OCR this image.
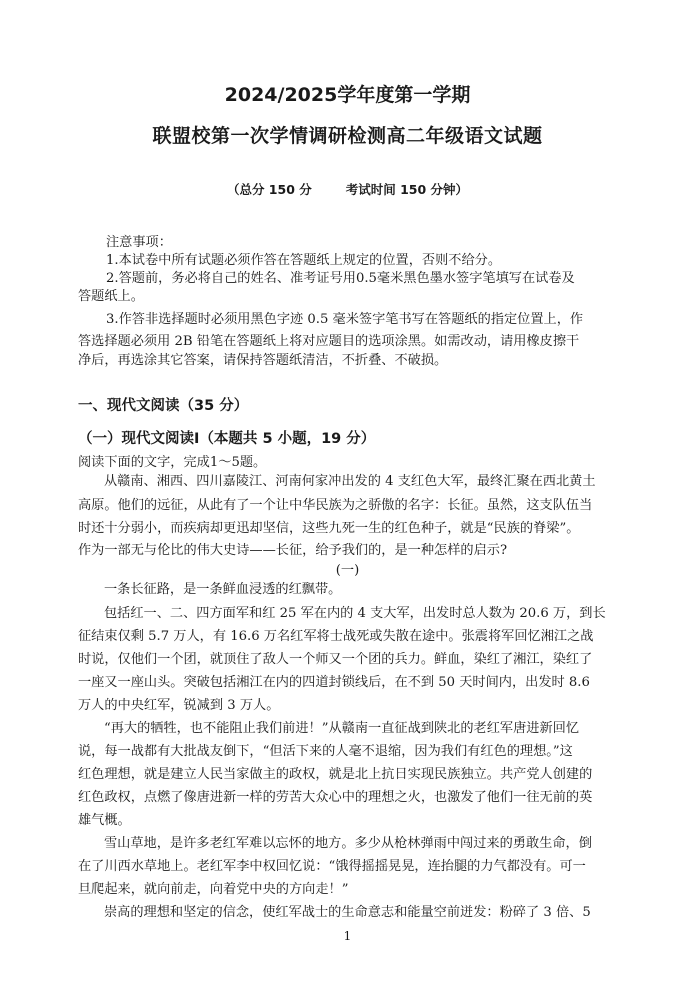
2024/2025学年度第一学期
联盟校第一次学情调研检测高二年级语文试题
（总分 150 分	考试时间 150 分钟）
注意事项：
1.本试卷中所有试题必须作答在答题纸上规定的位置，否则不给分。
2.答题前，务必将自己的姓名、准考证号用0.5毫米黑色墨水签字笔填写在试卷及
答题纸上。
3.作答非选择题时必须用黑色字迹 0.5 毫米签字笔书写在答题纸的指定位置上，作
答选择题必须用 2B 铅笔在答题纸上将对应题目的选项涂黑。如需改动，请用橡皮擦干
净后，再选涂其它答案，请保持答题纸清洁，不折叠、不破损。
一、现代文阅读（35 分）
（一）现代文阅读Ⅰ（本题共 5 小题，19 分）
阅读下面的文字，完成1～5题。
从赣南、湘西、四川嘉陵江、河南何家冲出发的 4 支红色大军，最终汇聚在西北黄土
高原。他们的远征，从此有了一个让中华民族为之骄傲的名字：长征。虽然，这支队伍当
时还十分弱小，而疾病却更迅却坚信，这些九死一生的红色种子，就是“民族的脊梁”。
作为一部无与伦比的伟大史诗——长征，给予我们的，是一种怎样的启示?
(一)
一条长征路，是一条鲜血浸透的红飘带。
包括红一、二、四方面军和红 25 军在内的 4 支大军，出发时总人数为 20.6 万，到长
征结束仅剩 5.7 万人，有 16.6 万名红军将士战死或失散在途中。张震将军回忆湘江之战
时说，仅他们一个团，就顶住了敌人一个师又一个团的兵力。鲜血，染红了湘江，染红了
一座又一座山头。突破包括湘江在内的四道封锁线后，在不到 50 天时间内，出发时 8.6
万人的中央红军，锐减到 3 万人。
“再大的牺牲，也不能阻止我们前进！”从赣南一直征战到陕北的老红军唐进新回忆
说，每一战都有大批战友倒下，“但活下来的人毫不退缩，因为我们有红色的理想。”这
红色理想，就是建立人民当家做主的政权，就是北上抗日实现民族独立。共产党人创建的
红色政权，点燃了像唐进新一样的劳苦大众心中的理想之火，也激发了他们一往无前的英
雄气概。
雪山草地，是许多老红军难以忘怀的地方。多少从枪林弹雨中闯过来的勇敢生命，倒
在了川西水草地上。老红军李中权回忆说：“饿得摇摇晃晃，连抬腿的力气都没有。可一
旦爬起来，就向前走，向着党中央的方向走！”
崇高的理想和坚定的信念，使红军战士的生命意志和能量空前迸发：粉碎了 3 倍、5
1
